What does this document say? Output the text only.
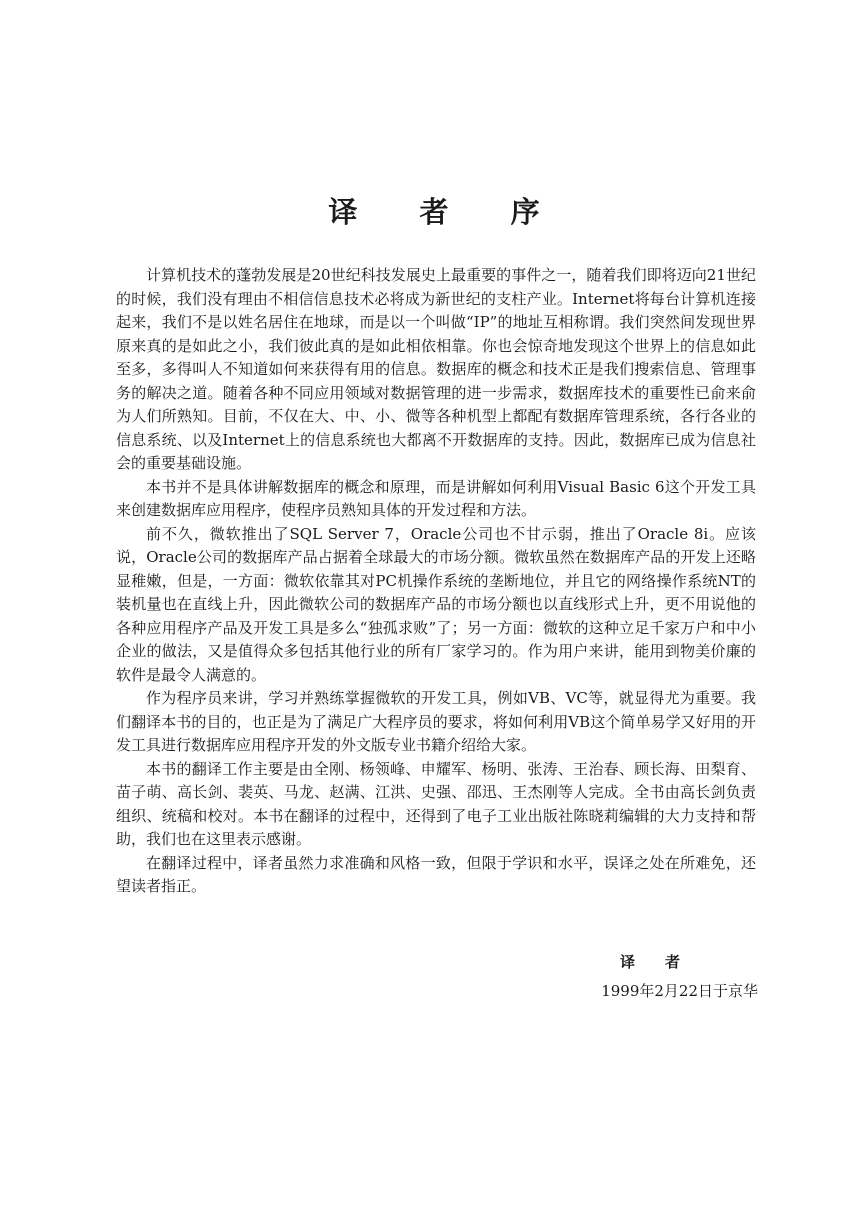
译 者 序

计算机技术的蓬勃发展是20世纪科技发展史上最重要的事件之一，随着我们即将迈向21世纪的时候，我们没有理由不相信信息技术必将成为新世纪的支柱产业。Internet将每台计算机连接起来，我们不是以姓名居住在地球，而是以一个叫做“IP”的地址互相称谓。我们突然间发现世界原来真的是如此之小，我们彼此真的是如此相依相靠。你也会惊奇地发现这个世界上的信息如此至多，多得叫人不知道如何来获得有用的信息。数据库的概念和技术正是我们搜索信息、管理事务的解决之道。随着各种不同应用领域对数据管理的进一步需求，数据库技术的重要性已俞来俞为人们所熟知。目前，不仅在大、中、小、微等各种机型上都配有数据库管理系统，各行各业的信息系统、以及Internet上的信息系统也大都离不开数据库的支持。因此，数据库已成为信息社会的重要基础设施。

本书并不是具体讲解数据库的概念和原理，而是讲解如何利用Visual Basic 6这个开发工具来创建数据库应用程序，使程序员熟知具体的开发过程和方法。

前不久，微软推出了SQL Server 7，Oracle公司也不甘示弱，推出了Oracle 8i。应该说，Oracle公司的数据库产品占据着全球最大的市场分额。微软虽然在数据库产品的开发上还略显稚嫩，但是，一方面：微软依靠其对PC机操作系统的垄断地位，并且它的网络操作系统NT的装机量也在直线上升，因此微软公司的数据库产品的市场分额也以直线形式上升，更不用说他的各种应用程序产品及开发工具是多么“独孤求败”了；另一方面：微软的这种立足千家万户和中小企业的做法，又是值得众多包括其他行业的所有厂家学习的。作为用户来讲，能用到物美价廉的软件是最令人满意的。

作为程序员来讲，学习并熟练掌握微软的开发工具，例如VB、VC等，就显得尤为重要。我们翻译本书的目的，也正是为了满足广大程序员的要求，将如何利用VB这个简单易学又好用的开发工具进行数据库应用程序开发的外文版专业书籍介绍给大家。

本书的翻译工作主要是由全刚、杨领峰、申耀军、杨明、张涛、王治春、顾长海、田梨育、苗子萌、高长剑、裴英、马龙、赵满、江洪、史强、邵迅、王杰刚等人完成。全书由高长剑负责组织、统稿和校对。本书在翻译的过程中，还得到了电子工业出版社陈晓莉编辑的大力支持和帮助，我们也在这里表示感谢。

在翻译过程中，译者虽然力求准确和风格一致，但限于学识和水平，误译之处在所难免，还望读者指正。

译者
1999年2月22日于京华
